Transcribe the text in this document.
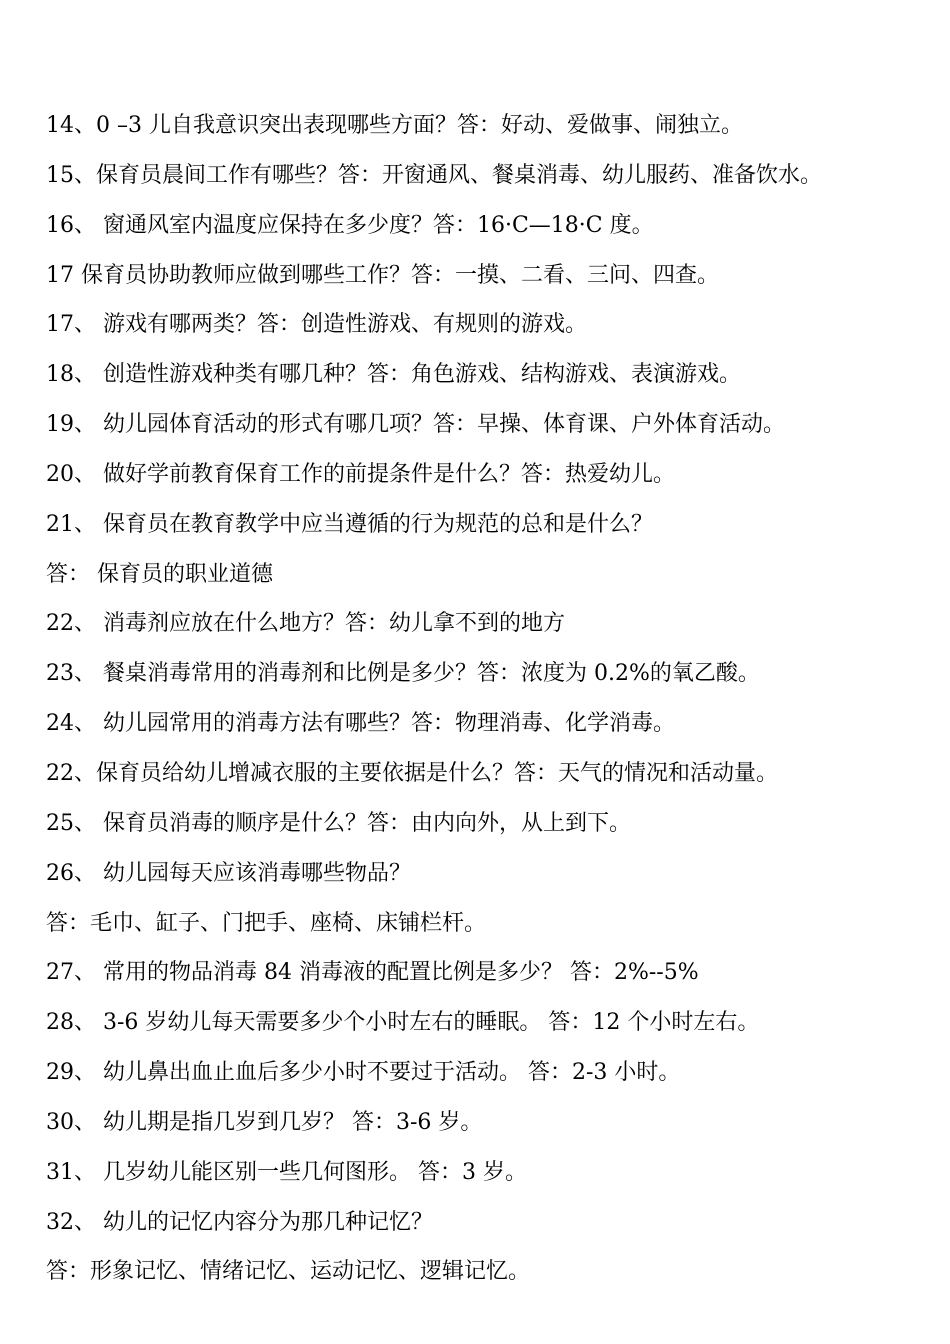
14、0 –3 儿自我意识突出表现哪些方面？答：好动、爱做事、闹独立。
15、保育员晨间工作有哪些？答：开窗通风、餐桌消毒、幼儿服药、准备饮水。
16、 窗通风室内温度应保持在多少度？答：16·C—18·C 度。
17 保育员协助教师应做到哪些工作？答：一摸、二看、三问、四查。
17、 游戏有哪两类？答：创造性游戏、有规则的游戏。
18、 创造性游戏种类有哪几种？答：角色游戏、结构游戏、表演游戏。
19、 幼儿园体育活动的形式有哪几项？答：早操、体育课、户外体育活动。
20、 做好学前教育保育工作的前提条件是什么？答：热爱幼儿。
21、 保育员在教育教学中应当遵循的行为规范的总和是什么？
答： 保育员的职业道德
22、 消毒剂应放在什么地方？答：幼儿拿不到的地方
23、 餐桌消毒常用的消毒剂和比例是多少？答：浓度为 0.2%的氧乙酸。
24、 幼儿园常用的消毒方法有哪些？答：物理消毒、化学消毒。
22、保育员给幼儿增减衣服的主要依据是什么？答：天气的情况和活动量。
25、 保育员消毒的顺序是什么？答：由内向外，从上到下。
26、 幼儿园每天应该消毒哪些物品？
答：毛巾、缸子、门把手、座椅、床铺栏杆。
27、 常用的物品消毒 84 消毒液的配置比例是多少？ 答：2%--5%
28、 3-6 岁幼儿每天需要多少个小时左右的睡眠。 答：12 个小时左右。
29、 幼儿鼻出血止血后多少小时不要过于活动。 答：2-3 小时。
30、 幼儿期是指几岁到几岁？ 答：3-6 岁。
31、 几岁幼儿能区别一些几何图形。 答：3 岁。
32、 幼儿的记忆内容分为那几种记忆？
答：形象记忆、情绪记忆、运动记忆、逻辑记忆。
